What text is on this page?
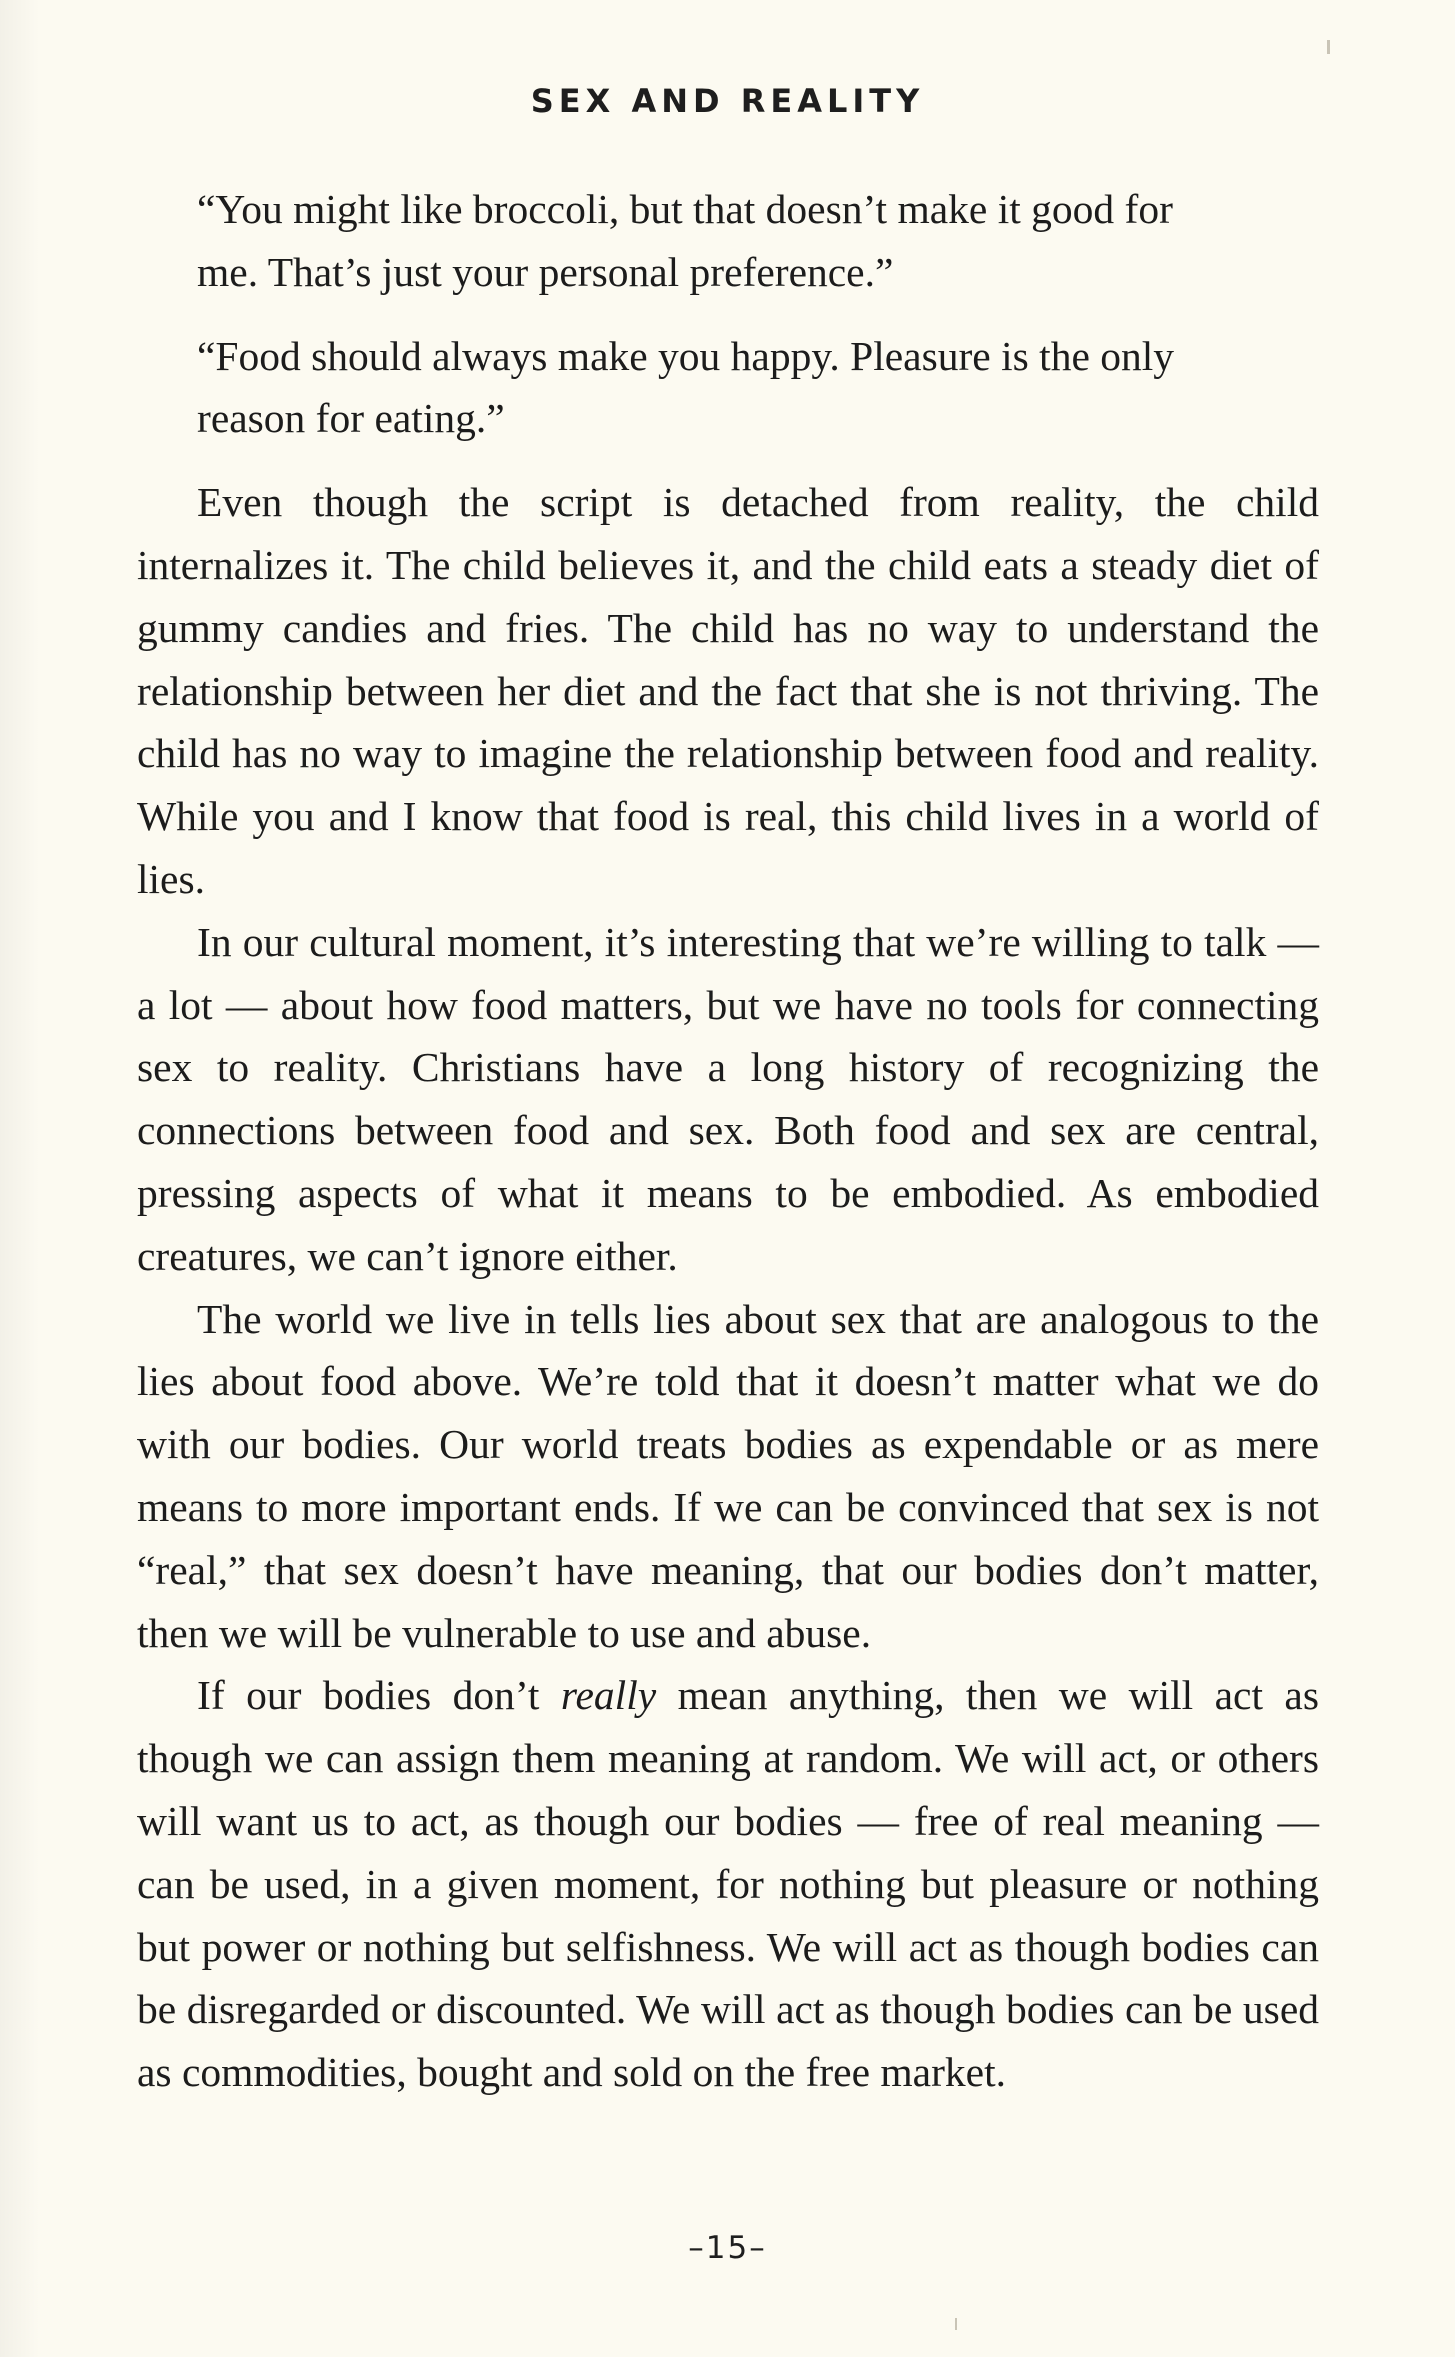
SEX AND REALITY

“You might like broccoli, but that doesn’t make it good for me. That’s just your personal preference.”

“Food should always make you happy. Pleasure is the only reason for eating.”

Even though the script is detached from reality, the child internalizes it. The child believes it, and the child eats a steady diet of gummy candies and fries. The child has no way to understand the relationship between her diet and the fact that she is not thriving. The child has no way to imagine the relationship between food and reality. While you and I know that food is real, this child lives in a world of lies.

In our cultural moment, it’s interesting that we’re willing to talk — a lot — about how food matters, but we have no tools for connecting sex to reality. Christians have a long history of recognizing the connections between food and sex. Both food and sex are central, pressing aspects of what it means to be embodied. As embodied creatures, we can’t ignore either.

The world we live in tells lies about sex that are analogous to the lies about food above. We’re told that it doesn’t matter what we do with our bodies. Our world treats bodies as expendable or as mere means to more important ends. If we can be convinced that sex is not “real,” that sex doesn’t have meaning, that our bodies don’t matter, then we will be vulnerable to use and abuse.

If our bodies don’t really mean anything, then we will act as though we can assign them meaning at random. We will act, or others will want us to act, as though our bodies — free of real meaning — can be used, in a given moment, for nothing but pleasure or nothing but power or nothing but selfishness. We will act as though bodies can be disregarded or discounted. We will act as though bodies can be used as commodities, bought and sold on the free market.

–15–
